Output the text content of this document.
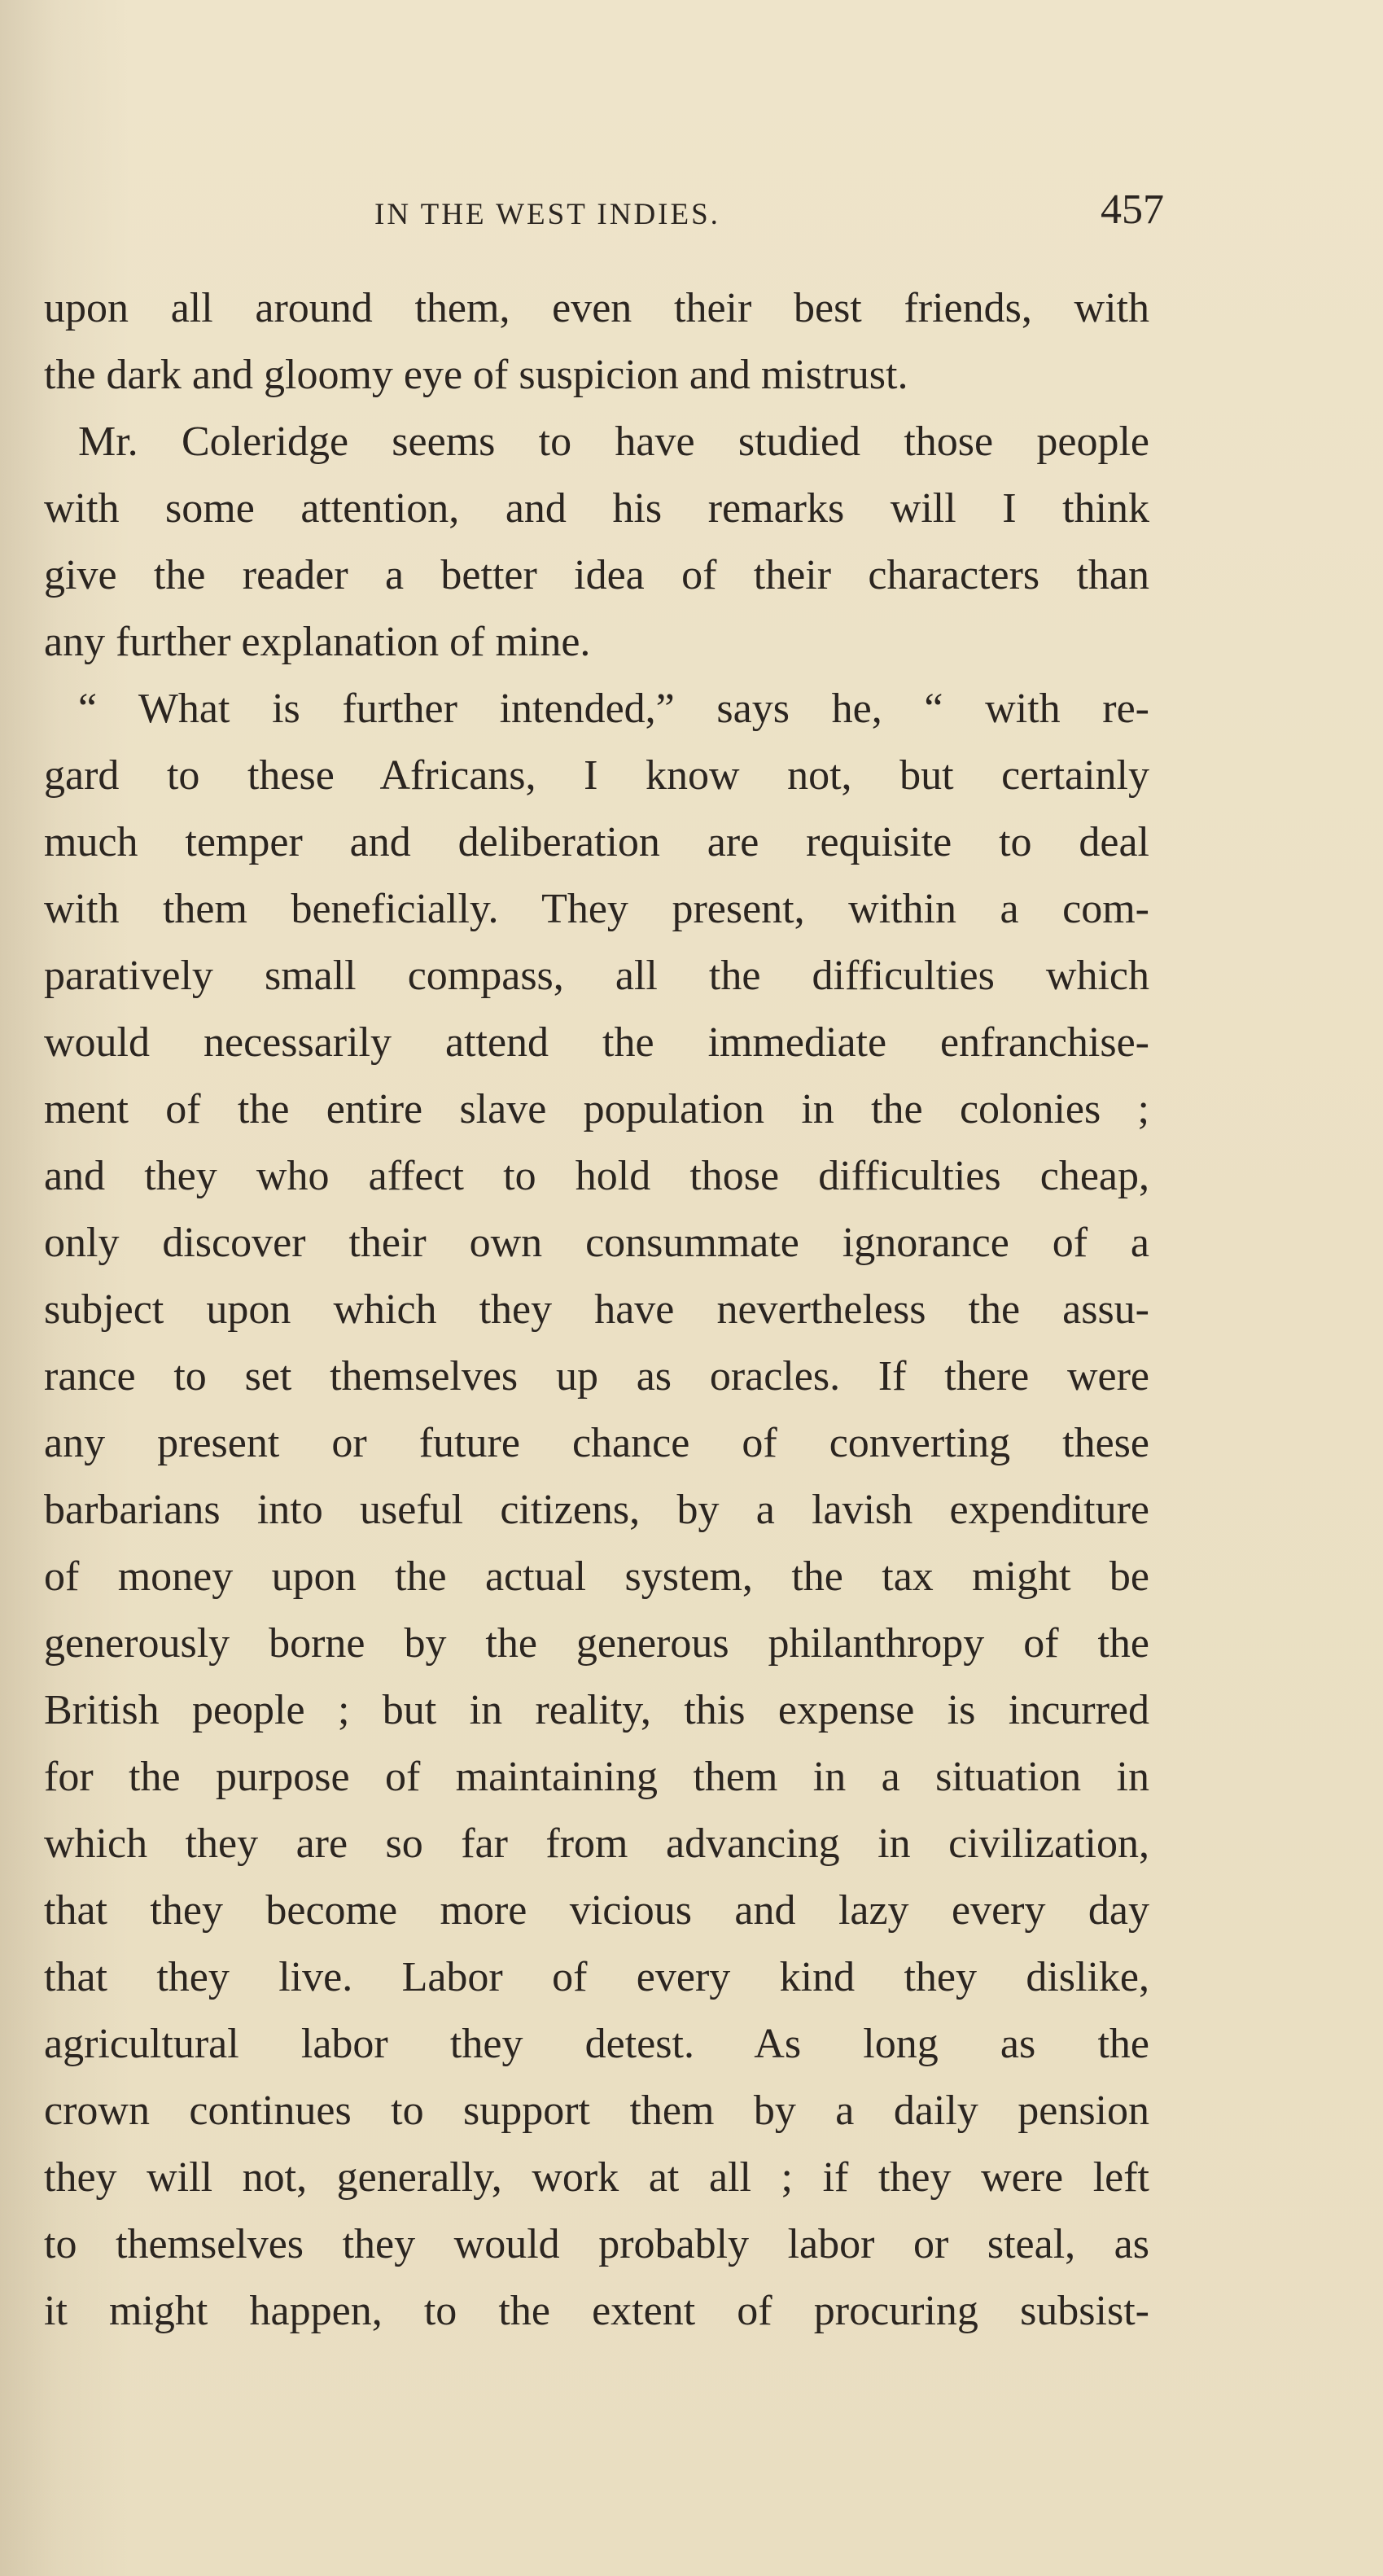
IN THE WEST INDIES.	457
upon all around them, even their best friends, with
the dark and gloomy eye of suspicion and mistrust.
Mr. Coleridge seems to have studied those people
with some attention, and his remarks will I think
give the reader a better idea of their characters than
any further explanation of mine.
“ What is further intended,” says he, “ with re-
gard to these Africans, I know not, but certainly
much temper and deliberation are requisite to deal
with them beneficially. They present, within a com-
paratively small compass, all the difficulties which
would necessarily attend the immediate enfranchise-
ment of the entire slave population in the colonies ;
and they who affect to hold those difficulties cheap,
only discover their own consummate ignorance of a
subject upon which they have nevertheless the assu-
rance to set themselves up as oracles. If there were
any present or future chance of converting these
barbarians into useful citizens, by a lavish expenditure
of money upon the actual system, the tax might be
generously borne by the generous philanthropy of the
British people ; but in reality, this expense is incurred
for the purpose of maintaining them in a situation in
which they are so far from advancing in civilization,
that they become more vicious and lazy every day
that they live. Labor of every kind they dislike,
agricultural labor they detest. As long as the
crown continues to support them by a daily pension
they will not, generally, work at all ; if they were left
to themselves they would probably labor or steal, as
it might happen, to the extent of procuring subsist-
